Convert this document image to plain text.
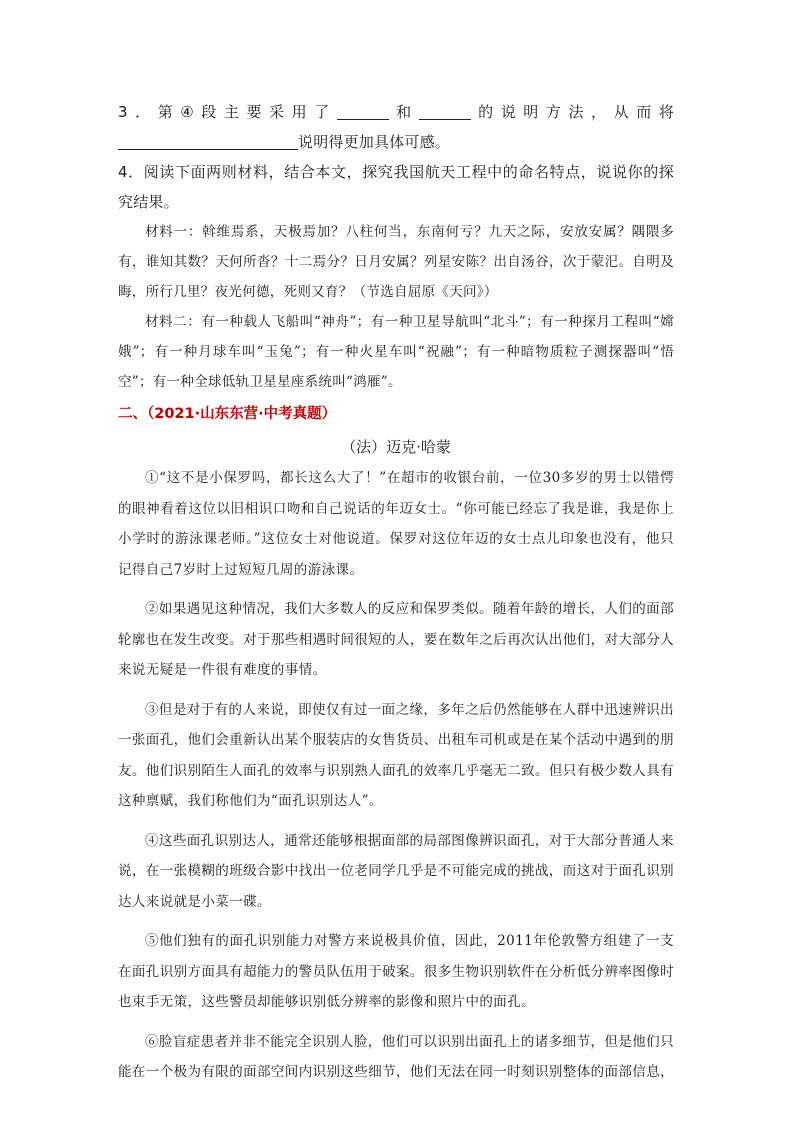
3．第④段主要采用了	和	的说明方法，从而将说明得更加具体可感。

4．阅读下面两则材料，结合本文，探究我国航天工程中的命名特点，说说你的探究结果。

材料一：斡维焉系，天极焉加？八柱何当，东南何亏？九天之际，安放安属？隅隈多有，谁知其数？天何所沓？十二焉分？日月安属？列星安陈？出自汤谷，次于蒙汜。自明及晦，所行几里？夜光何德，死则又育？（节选自屈原《天问》）

材料二：有一种载人飞船叫“神舟”；有一种卫星导航叫“北斗”；有一种探月工程叫“嫦娥”；有一种月球车叫“玉兔”；有一种火星车叫“祝融”；有一种暗物质粒子测探器叫“悟空”；有一种全球低轨卫星星座系统叫“鸿雁”。

二、（2021·山东东营·中考真题）

（法）迈克·哈蒙

①“这不是小保罗吗，都长这么大了！”在超市的收银台前，一位30多岁的男士以错愕的眼神看着这位以旧相识口吻和自己说话的年迈女士。“你可能已经忘了我是谁，我是你上小学时的游泳课老师。”这位女士对他说道。保罗对这位年迈的女士点儿印象也没有，他只记得自己7岁时上过短短几周的游泳课。

②如果遇见这种情况，我们大多数人的反应和保罗类似。随着年龄的增长，人们的面部轮廓也在发生改变。对于那些相遇时间很短的人，要在数年之后再次认出他们，对大部分人来说无疑是一件很有难度的事情。

③但是对于有的人来说，即使仅有过一面之缘，多年之后仍然能够在人群中迅速辨识出一张面孔，他们会重新认出某个服装店的女售货员、出租车司机或是在某个活动中遇到的朋友。他们识别陌生人面孔的效率与识别熟人面孔的效率几乎毫无二致。但只有极少数人具有这种禀赋，我们称他们为“面孔识别达人”。

④这些面孔识别达人，通常还能够根据面部的局部图像辨识面孔，对于大部分普通人来说，在一张模糊的班级合影中找出一位老同学几乎是不可能完成的挑战，而这对于面孔识别达人来说就是小菜一碟。

⑤他们独有的面孔识别能力对警方来说极具价值，因此，2011年伦敦警方组建了一支在面孔识别方面具有超能力的警员队伍用于破案。很多生物识别软件在分析低分辨率图像时也束手无策，这些警员却能够识别低分辨率的影像和照片中的面孔。

⑥脸盲症患者并非不能完全识别人脸，他们可以识别出面孔上的诸多细节，但是他们只能在一个极为有限的面部空间内识别这些细节，他们无法在同一时刻识别整体的面部信息，
